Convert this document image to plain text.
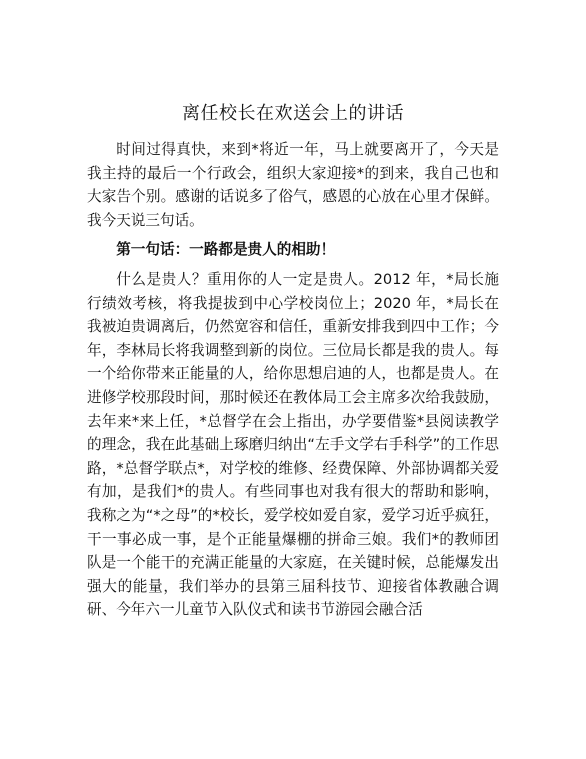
离任校长在欢送会上的讲话

时间过得真快，来到*将近一年，马上就要离开了，今天是我主持的最后一个行政会，组织大家迎接*的到来，我自己也和大家告个别。感谢的话说多了俗气，感恩的心放在心里才保鲜。我今天说三句话。

第一句话：一路都是贵人的相助！

什么是贵人？重用你的人一定是贵人。2012 年，*局长施行绩效考核，将我提拔到中心学校岗位上；2020 年，*局长在我被迫贵调离后，仍然宽容和信任，重新安排我到四中工作；今年，李林局长将我调整到新的岗位。三位局长都是我的贵人。每一个给你带来正能量的人，给你思想启迪的人，也都是贵人。在进修学校那段时间，那时候还在教体局工会主席多次给我鼓励，去年来*来上任，*总督学在会上指出，办学要借鉴*县阅读教学的理念，我在此基础上琢磨归纳出“左手文学右手科学”的工作思路，*总督学联点*，对学校的维修、经费保障、外部协调都关爱有加，是我们*的贵人。有些同事也对我有很大的帮助和影响，我称之为“*之母”的*校长，爱学校如爱自家，爱学习近乎疯狂，干一事必成一事，是个正能量爆棚的拼命三娘。我们*的教师团队是一个能干的充满正能量的大家庭，在关键时候，总能爆发出强大的能量，我们举办的县第三届科技节、迎接省体教融合调研、今年六一儿童节入队仪式和读书节游园会融合活
